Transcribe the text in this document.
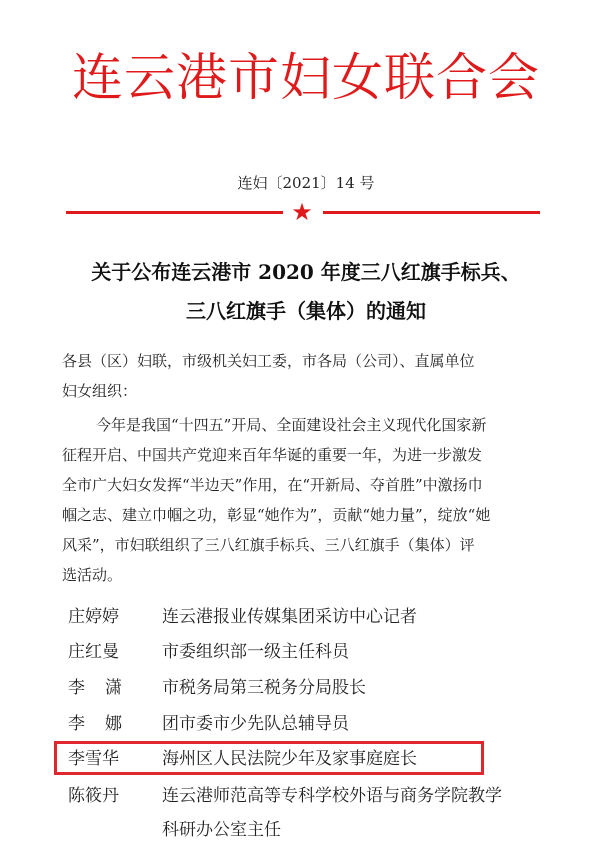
连云港市妇女联合会
连妇〔2021〕14 号
★
关于公布连云港市 2020 年度三八红旗手标兵、
三八红旗手（集体）的通知
各县（区）妇联，市级机关妇工委，市各局（公司）、直属单位
妇女组织：
今年是我国“十四五”开局、全面建设社会主义现代化国家新
征程开启、中国共产党迎来百年华诞的重要一年，为进一步激发
全市广大妇女发挥“半边天”作用，在“开新局、夺首胜”中激扬巾
帼之志、建立巾帼之功，彰显“她作为”，贡献“她力量”，绽放“她
风采”，市妇联组织了三八红旗手标兵、三八红旗手（集体）评
选活动。
庄婷婷	连云港报业传媒集团采访中心记者
庄红曼	市委组织部一级主任科员
李潇	市税务局第三税务分局股长
李娜	团市委市少先队总辅导员
李雪华	海州区人民法院少年及家事庭庭长
陈筱丹	连云港师范高等专科学校外语与商务学院教学
科研办公室主任
